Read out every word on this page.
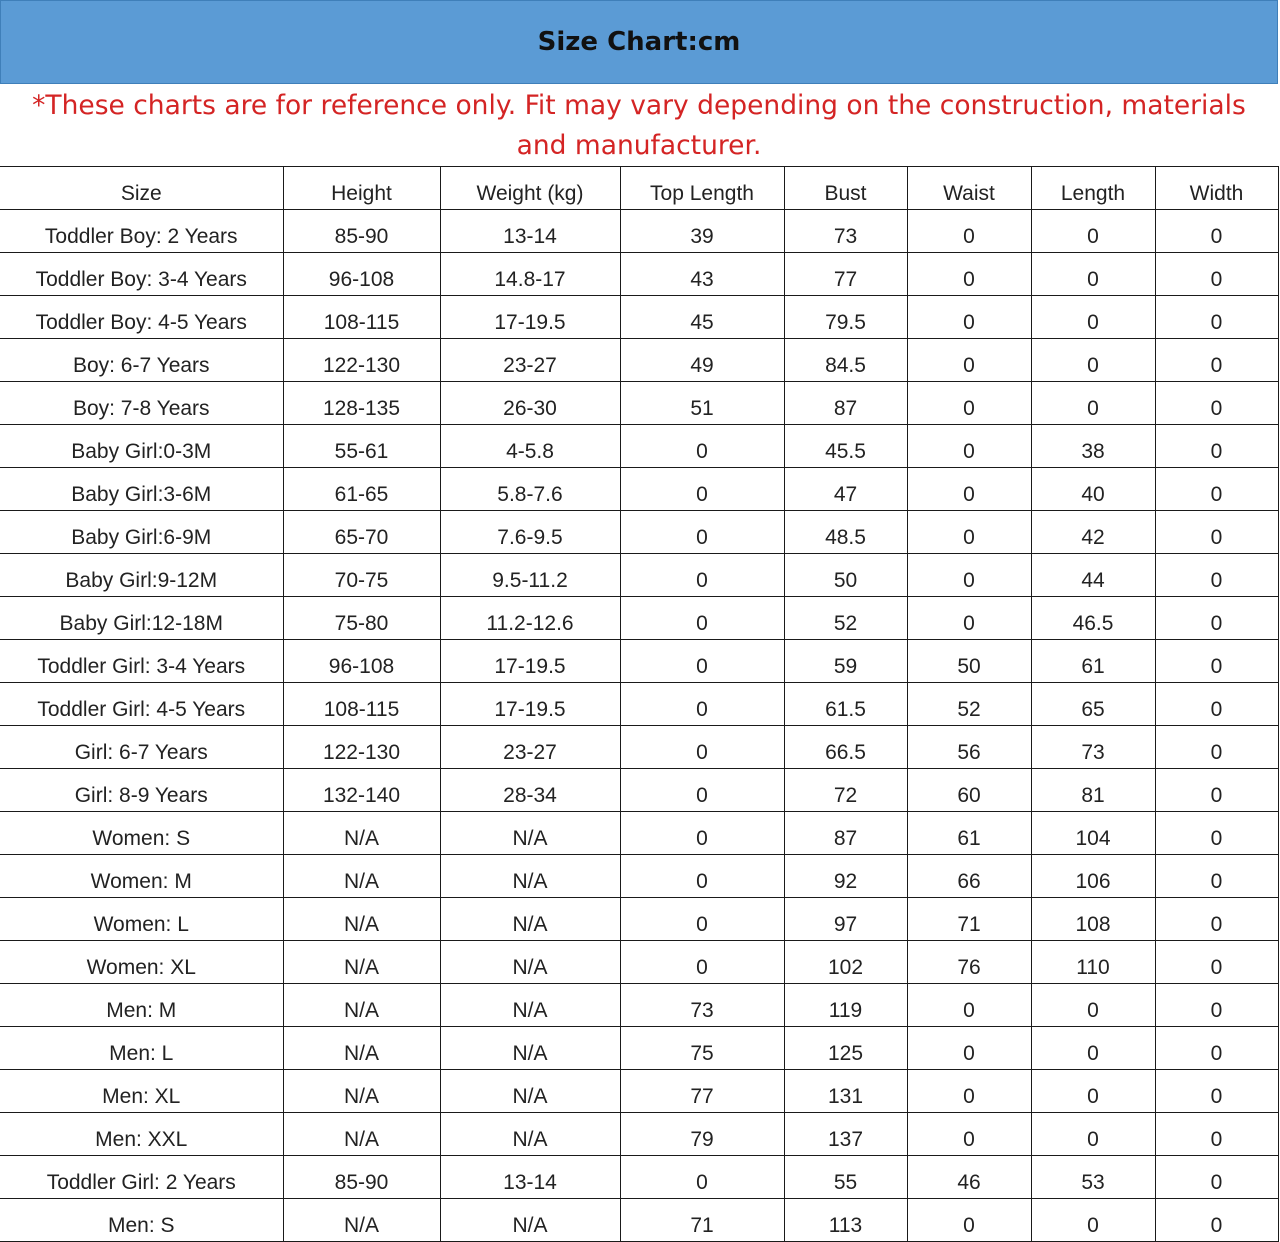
Size Chart:cm
*These charts are for reference only. Fit may vary depending on the construction, materials and manufacturer.
Size	Height	Weight (kg)	Top Length	Bust	Waist	Length	Width
Toddler Boy: 2 Years	85-90	13-14	39	73	0	0	0
Toddler Boy: 3-4 Years	96-108	14.8-17	43	77	0	0	0
Toddler Boy: 4-5 Years	108-115	17-19.5	45	79.5	0	0	0
Boy: 6-7 Years	122-130	23-27	49	84.5	0	0	0
Boy: 7-8 Years	128-135	26-30	51	87	0	0	0
Baby Girl:0-3M	55-61	4-5.8	0	45.5	0	38	0
Baby Girl:3-6M	61-65	5.8-7.6	0	47	0	40	0
Baby Girl:6-9M	65-70	7.6-9.5	0	48.5	0	42	0
Baby Girl:9-12M	70-75	9.5-11.2	0	50	0	44	0
Baby Girl:12-18M	75-80	11.2-12.6	0	52	0	46.5	0
Toddler Girl: 3-4 Years	96-108	17-19.5	0	59	50	61	0
Toddler Girl: 4-5 Years	108-115	17-19.5	0	61.5	52	65	0
Girl: 6-7 Years	122-130	23-27	0	66.5	56	73	0
Girl: 8-9 Years	132-140	28-34	0	72	60	81	0
Women: S	N/A	N/A	0	87	61	104	0
Women: M	N/A	N/A	0	92	66	106	0
Women: L	N/A	N/A	0	97	71	108	0
Women: XL	N/A	N/A	0	102	76	110	0
Men: M	N/A	N/A	73	119	0	0	0
Men: L	N/A	N/A	75	125	0	0	0
Men: XL	N/A	N/A	77	131	0	0	0
Men: XXL	N/A	N/A	79	137	0	0	0
Toddler Girl: 2 Years	85-90	13-14	0	55	46	53	0
Men: S	N/A	N/A	71	113	0	0	0
